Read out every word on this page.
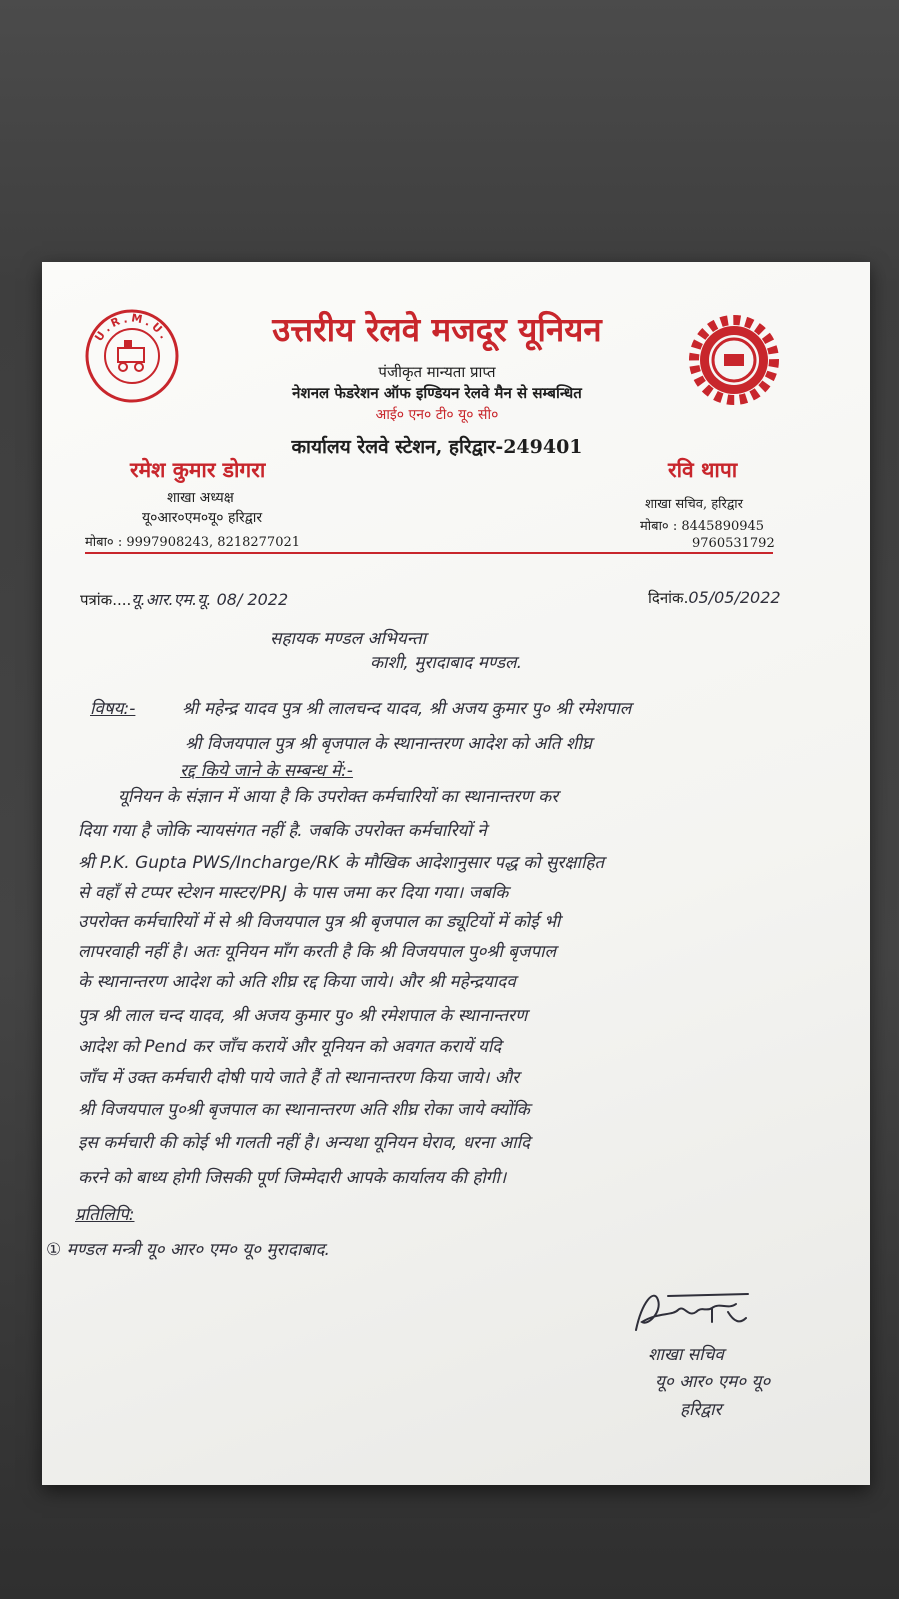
U.R.M.U.	उत्तरीय रेलवे मजदूर यूनियन
पंजीकृत मान्यता प्राप्त
नेशनल फेडरेशन ऑफ इण्डियन रेलवे मैन से सम्बन्धित
आई० एन० टी० यू० सी०
कार्यालय रेलवे स्टेशन, हरिद्वार-249401
रमेश कुमार डोगरा
शाखा अध्यक्ष
यू०आर०एम०यू० हरिद्वार
मोबा० : 9997908243, 8218277021
रवि थापा
शाखा सचिव, हरिद्वार
मोबा० : 8445890945
9760531792
पत्रांक....यू.आर.एम.यू. 08/ 2022	दिनांक.05/05/2022
सहायक मण्डल अभियन्ता
काशी, मुरादाबाद मण्डल.
विषय:-	श्री महेन्द्र यादव पुत्र श्री लालचन्द यादव, श्री अजय कुमार पु० श्री रमेशपाल
श्री विजयपाल पुत्र श्री बृजपाल के स्थानान्तरण आदेश को अति शीघ्र
रद्द किये जाने के सम्बन्ध में:-
यूनियन के संज्ञान में आया है कि उपरोक्त कर्मचारियों का स्थानान्तरण कर
दिया गया है जोकि न्यायसंगत नहीं है. जबकि उपरोक्त कर्मचारियों ने
श्री P.K. Gupta PWS/Incharge/RK के मौखिक आदेशानुसार पद्ध को सुरक्षाहित
से वहाँ से टप्पर स्टेशन मास्टर/PRJ के पास जमा कर दिया गया। जबकि
उपरोक्त कर्मचारियों में से श्री विजयपाल पुत्र श्री बृजपाल का ड्यूटियों में कोई भी
लापरवाही नहीं है। अतः यूनियन माँग करती है कि श्री विजयपाल पु०श्री बृजपाल
के स्थानान्तरण आदेश को अति शीघ्र रद्द किया जाये। और श्री महेन्द्रयादव
पुत्र श्री लाल चन्द यादव, श्री अजय कुमार पु० श्री रमेशपाल के स्थानान्तरण
आदेश को Pend कर जाँच करायें और यूनियन को अवगत करायें यदि
जाँच में उक्त कर्मचारी दोषी पाये जाते हैं तो स्थानान्तरण किया जाये। और
श्री विजयपाल पु०श्री बृजपाल का स्थानान्तरण अति शीघ्र रोका जाये क्योंकि
इस कर्मचारी की कोई भी गलती नहीं है। अन्यथा यूनियन घेराव, धरना आदि
करने को बाध्य होगी जिसकी पूर्ण जिम्मेदारी आपके कार्यालय की होगी।
प्रतिलिपि:
① मण्डल मन्त्री यू० आर० एम० यू० मुरादाबाद.
शाखा सचिव
यू० आर० एम० यू०
हरिद्वार
